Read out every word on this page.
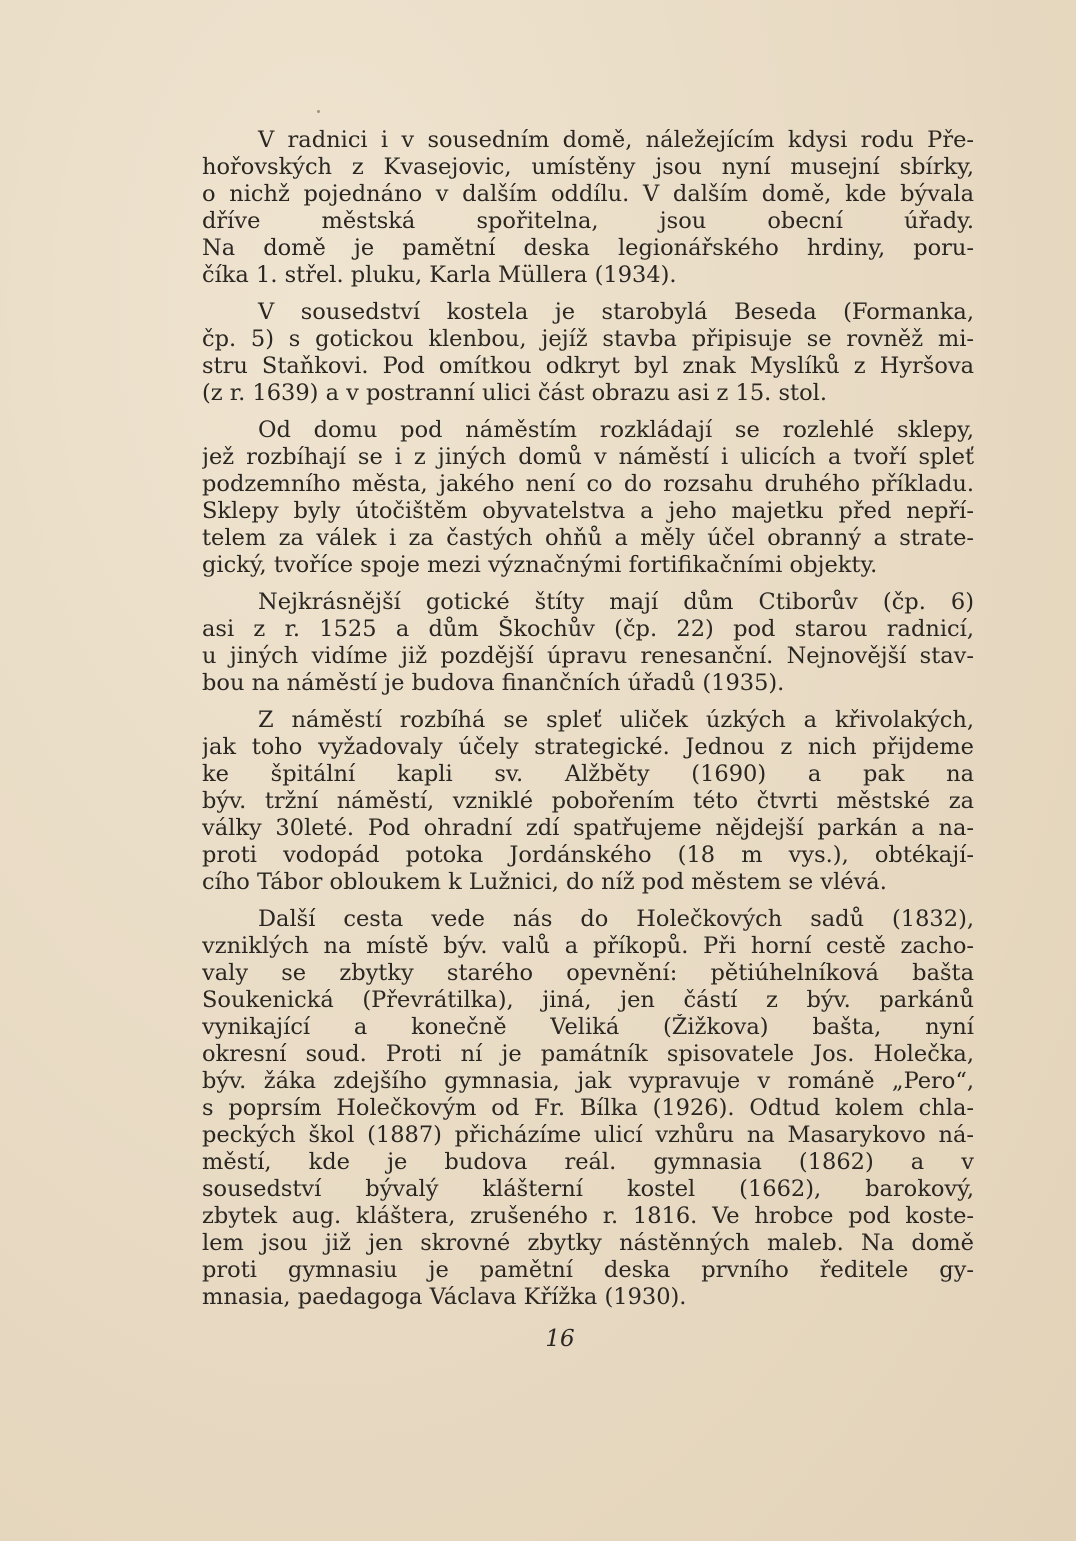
V radnici i v sousedním domě, náležejícím kdysi rodu Pře-
hořovských z Kvasejovic, umístěny jsou nyní musejní sbírky,
o nichž pojednáno v dalším oddílu. V dalším domě, kde bývala
dříve městská spořitelna, jsou obecní úřady.
Na domě je pamětní deska legionářského hrdiny, poru-
číka 1. střel. pluku, Karla Müllera (1934).

V sousedství kostela je starobylá Beseda (Formanka,
čp. 5) s gotickou klenbou, jejíž stavba připisuje se rovněž mi-
stru Staňkovi. Pod omítkou odkryt byl znak Myslíků z Hyršova
(z r. 1639) a v postranní ulici část obrazu asi z 15. stol.

Od domu pod náměstím rozkládají se rozlehlé sklepy,
jež rozbíhají se i z jiných domů v náměstí i ulicích a tvoří spleť
podzemního města, jakého není co do rozsahu druhého příkladu.
Sklepy byly útočištěm obyvatelstva a jeho majetku před nepří-
telem za válek i za častých ohňů a měly účel obranný a strate-
gický, tvoříce spoje mezi význačnými fortifikačními objekty.

Nejkrásnější gotické štíty mají dům Ctiborův (čp. 6)
asi z r. 1525 a dům Škochův (čp. 22) pod starou radnicí,
u jiných vidíme již pozdější úpravu renesanční. Nejnovější stav-
bou na náměstí je budova finančních úřadů (1935).

Z náměstí rozbíhá se spleť uliček úzkých a křivolakých,
jak toho vyžadovaly účely strategické. Jednou z nich přijdeme
ke špitální kapli sv. Alžběty (1690) a pak na
býv. tržní náměstí, vzniklé pobořením této čtvrti městské za
války 30leté. Pod ohradní zdí spatřujeme nějdejší parkán a na-
proti vodopád potoka Jordánského (18 m vys.), obtékají-
cího Tábor obloukem k Lužnici, do níž pod městem se vlévá.

Další cesta vede nás do Holečkových sadů (1832),
vzniklých na místě býv. valů a příkopů. Při horní cestě zacho-
valy se zbytky starého opevnění: pětiúhelníková bašta
Soukenická (Převrátilka), jiná, jen částí z býv. parkánů
vynikající a konečně Veliká (Žižkova) bašta, nyní
okresní soud. Proti ní je památník spisovatele Jos. Holečka,
býv. žáka zdejšího gymnasia, jak vypravuje v románě „Pero“,
s poprsím Holečkovým od Fr. Bílka (1926). Odtud kolem chla-
peckých škol (1887) přicházíme ulicí vzhůru na Masarykovo ná-
městí, kde je budova reál. gymnasia (1862) a v
sousedství bývalý klášterní kostel (1662), barokový,
zbytek aug. kláštera, zrušeného r. 1816. Ve hrobce pod koste-
lem jsou již jen skrovné zbytky nástěnných maleb. Na domě
proti gymnasiu je pamětní deska prvního ředitele gy-
mnasia, paedagoga Václava Křížka (1930).

16
